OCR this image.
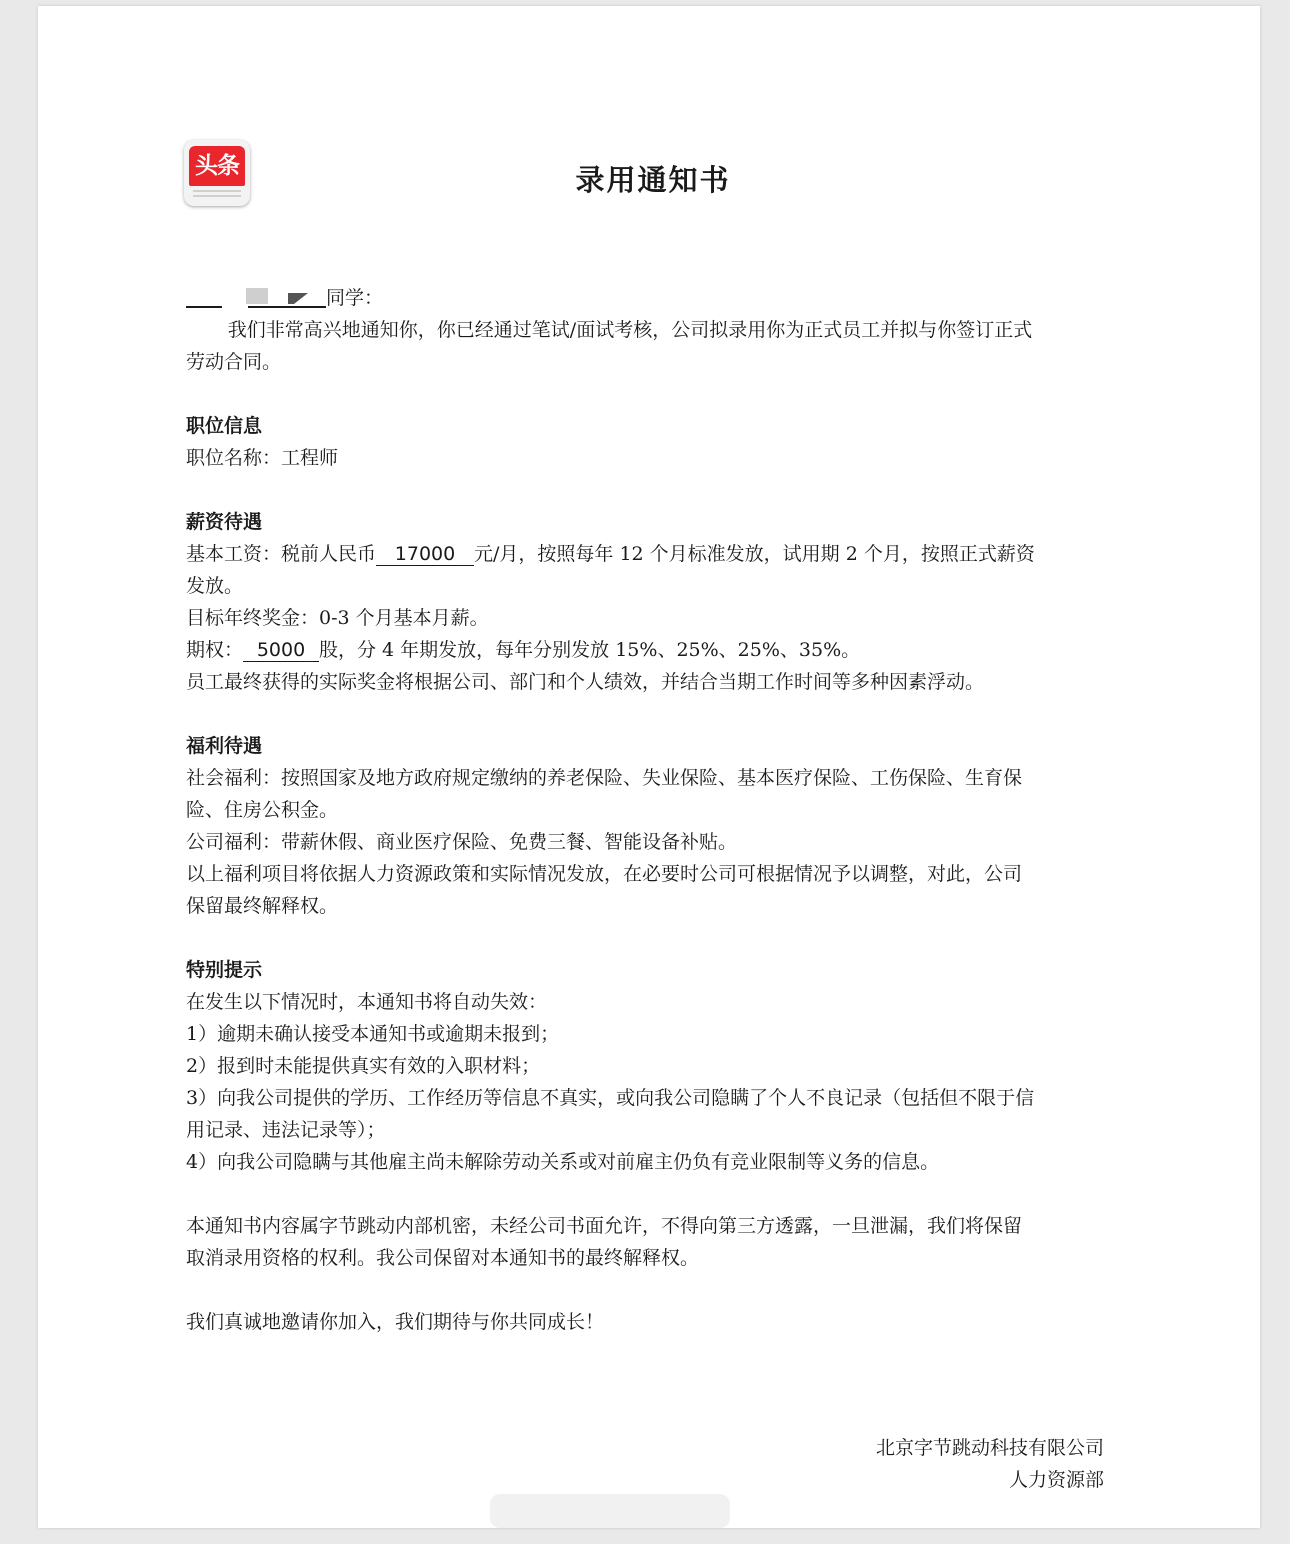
头条	录用通知书

同学：

我们非常高兴地通知你，你已经通过笔试/面试考核，公司拟录用你为正式员工并拟与你签订正式劳动合同。

职位信息

职位名称：工程师

薪资待遇

基本工资：税前人民币 17000 元/月，按照每年 12 个月标准发放，试用期 2 个月，按照正式薪资发放。

目标年终奖金：0-3 个月基本月薪。

期权： 5000 股，分 4 年期发放，每年分别发放 15%、25%、25%、35%。

员工最终获得的实际奖金将根据公司、部门和个人绩效，并结合当期工作时间等多种因素浮动。

福利待遇

社会福利：按照国家及地方政府规定缴纳的养老保险、失业保险、基本医疗保险、工伤保险、生育保险、住房公积金。

公司福利：带薪休假、商业医疗保险、免费三餐、智能设备补贴。

以上福利项目将依据人力资源政策和实际情况发放，在必要时公司可根据情况予以调整，对此，公司保留最终解释权。

特别提示

在发生以下情况时，本通知书将自动失效：

1）逾期未确认接受本通知书或逾期未报到；

2）报到时未能提供真实有效的入职材料；

3）向我公司提供的学历、工作经历等信息不真实，或向我公司隐瞒了个人不良记录（包括但不限于信用记录、违法记录等）；

4）向我公司隐瞒与其他雇主尚未解除劳动关系或对前雇主仍负有竞业限制等义务的信息。

本通知书内容属字节跳动内部机密，未经公司书面允许，不得向第三方透露，一旦泄漏，我们将保留取消录用资格的权利。我公司保留对本通知书的最终解释权。

我们真诚地邀请你加入，我们期待与你共同成长！

北京字节跳动科技有限公司
人力资源部
